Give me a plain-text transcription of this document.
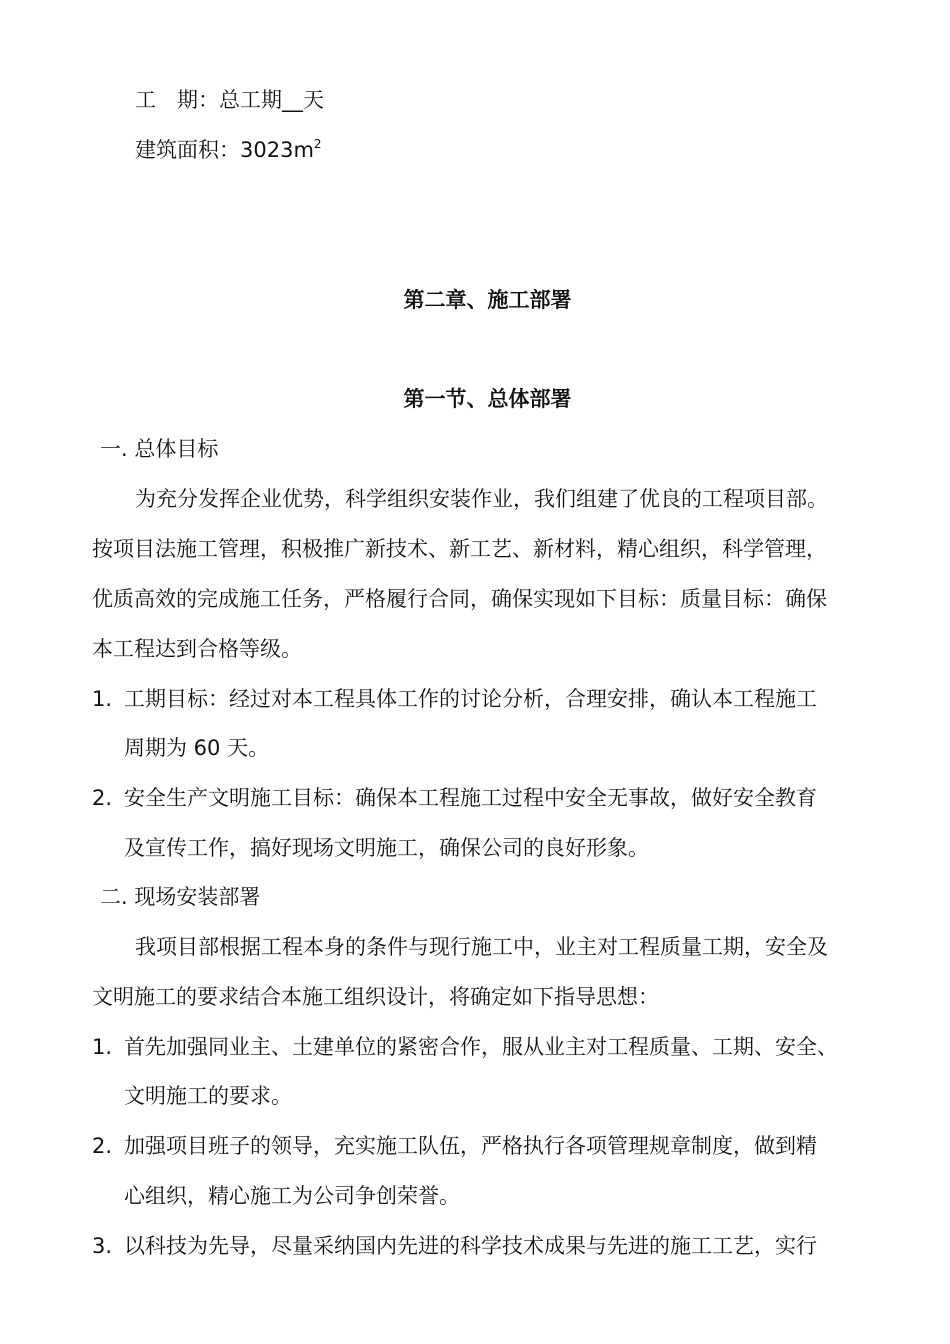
工　期：总工期__天
建筑面积：$3023m^2$
第二章、施工部署
第一节、总体部署
一. 总体目标
为充分发挥企业优势，科学组织安装作业，我们组建了优良的工程项目部。
按项目法施工管理，积极推广新技术、新工艺、新材料，精心组织，科学管理，
优质高效的完成施工任务，严格履行合同，确保实现如下目标：质量目标：确保
本工程达到合格等级。
1. 工期目标：经过对本工程具体工作的讨论分析，合理安排，确认本工程施工
周期为 60 天。
2. 安全生产文明施工目标：确保本工程施工过程中安全无事故，做好安全教育
及宣传工作，搞好现场文明施工，确保公司的良好形象。
二. 现场安装部署
我项目部根据工程本身的条件与现行施工中，业主对工程质量工期，安全及
文明施工的要求结合本施工组织设计，将确定如下指导思想：
1. 首先加强同业主、土建单位的紧密合作，服从业主对工程质量、工期、安全、
文明施工的要求。
2. 加强项目班子的领导，充实施工队伍，严格执行各项管理规章制度，做到精
心组织，精心施工为公司争创荣誉。
3. 以科技为先导，尽量采纳国内先进的科学技术成果与先进的施工工艺，实行
